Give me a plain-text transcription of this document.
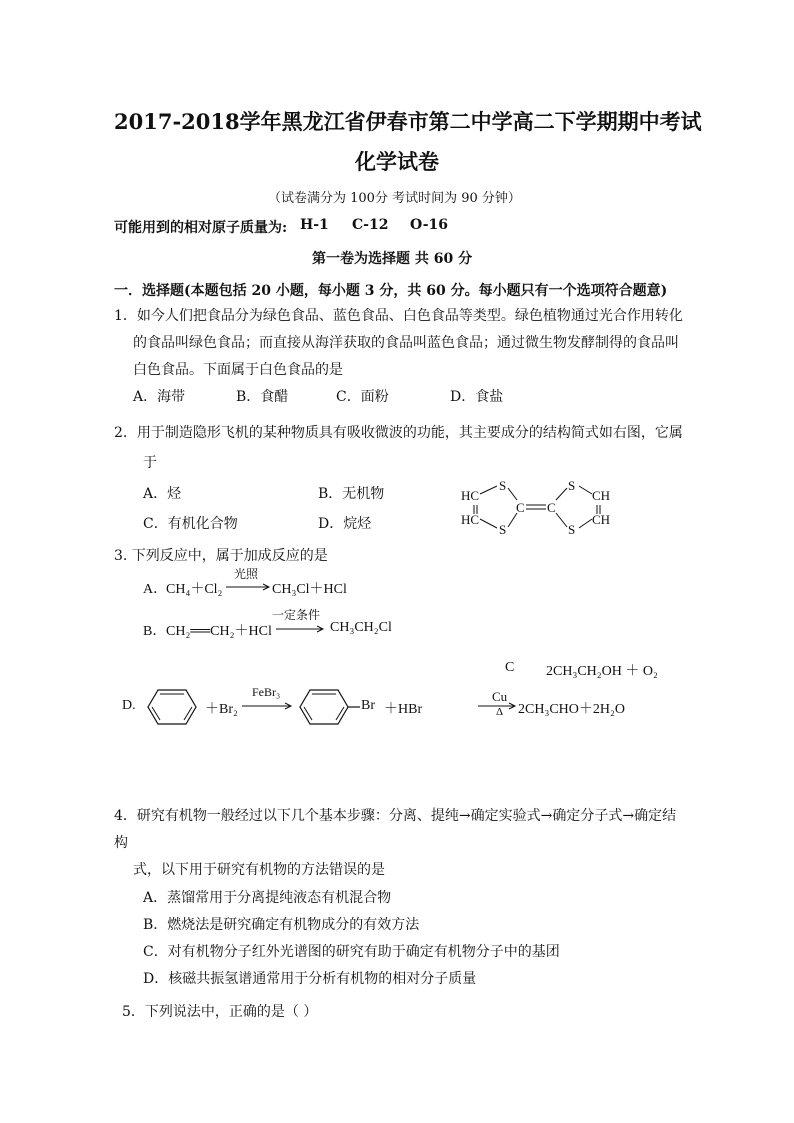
2017-2018学年黑龙江省伊春市第二中学高二下学期期中考试
化学试卷
（试卷满分为 100分 考试时间为 90 分钟）
可能用到的相对原子质量为: H-1 C-12 O-16
第一卷为选择题 共 60 分
一．选择题(本题包括 20 小题，每小题 3 分，共 60 分。每小题只有一个选项符合题意)
1．如今人们把食品分为绿色食品、蓝色食品、白色食品等类型。绿色植物通过光合作用转化
的食品叫绿色食品；而直接从海洋获取的食品叫蓝色食品；通过微生物发酵制得的食品叫
白色食品。下面属于白色食品的是
A．海带	B．食醋	C．面粉	D．食盐
2．用于制造隐形飞机的某种物质具有吸收微波的功能，其主要成分的结构简式如右图，它属
于
A．烃	B．无机物
C．有机化合物	D．烷烃
HC
HC
S
S
C C
S
S
CH
CH
3. 下列反应中，属于加成反应的是
A．
CH₄＋Cl₂
光照
CH₃Cl＋HCl
B． CH₂══CH₂＋HCl
一定条件
CH₃CH₂Cl
C 2CH₃CH₂OH ＋ O₂
Cu
Δ 2CH₃CHO＋2H₂O
D.	＋Br₂
FeBr₃
Br ＋HBr
4．研究有机物一般经过以下几个基本步骤：分离、提纯→确定实验式→确定分子式→确定结
构
式，以下用于研究有机物的方法错误的是
A．蒸馏常用于分离提纯液态有机混合物
B．燃烧法是研究确定有机物成分的有效方法
C．对有机物分子红外光谱图的研究有助于确定有机物分子中的基团
D．核磁共振氢谱通常用于分析有机物的相对分子质量
5．下列说法中，正确的是（ ）
